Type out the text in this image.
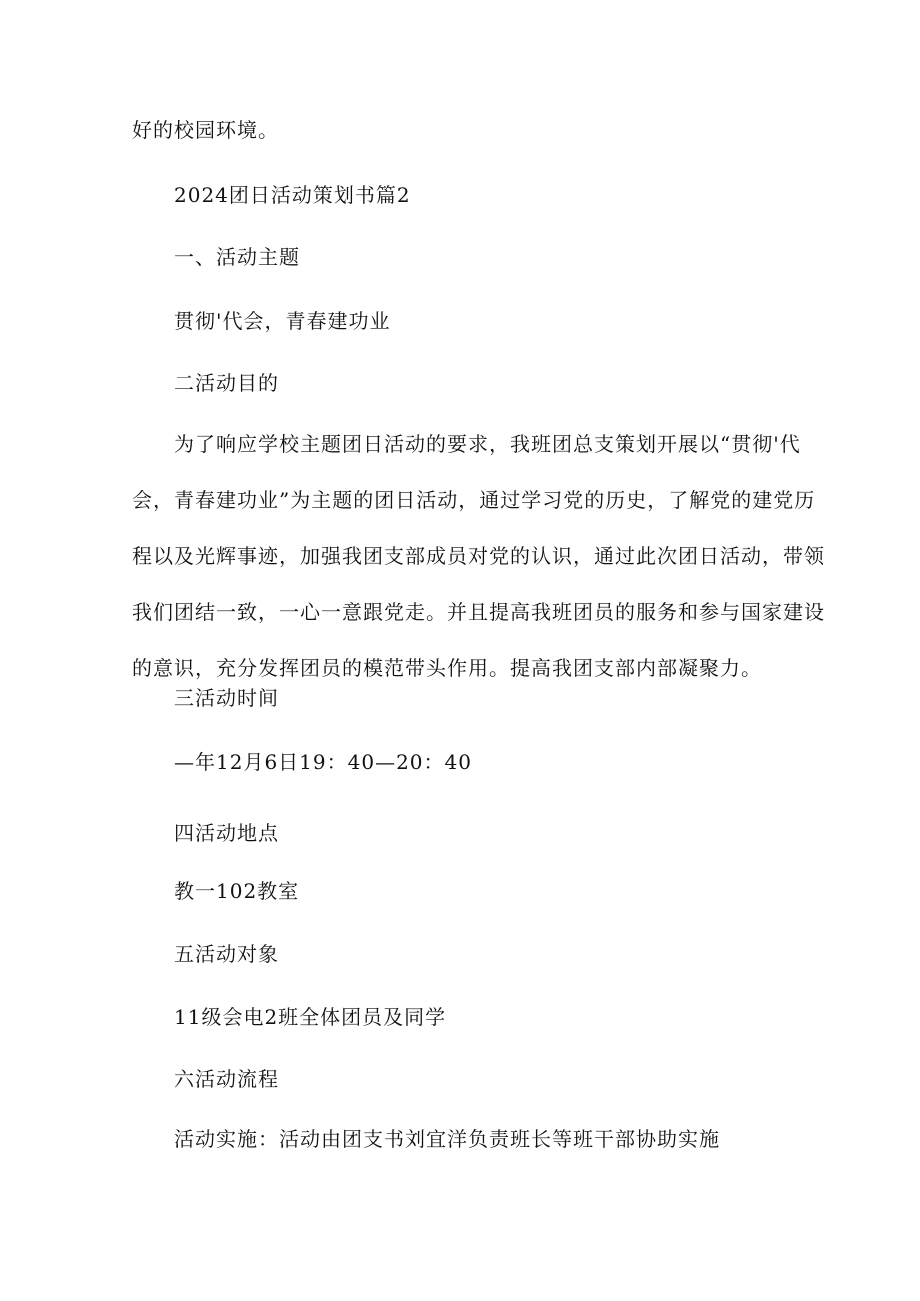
好的校园环境。
2024团日活动策划书篇2
一、活动主题
贯彻'代会，青春建功业
二活动目的
为了响应学校主题团日活动的要求，我班团总支策划开展以“贯彻'代
会，青春建功业”为主题的团日活动，通过学习党的历史，了解党的建党历
程以及光辉事迹，加强我团支部成员对党的认识，通过此次团日活动，带领
我们团结一致，一心一意跟党走。并且提高我班团员的服务和参与国家建设
的意识，充分发挥团员的模范带头作用。提高我团支部内部凝聚力。
三活动时间
—年12月6日19：40—20：40
四活动地点
教一102教室
五活动对象
11级会电2班全体团员及同学
六活动流程
活动实施：活动由团支书刘宜洋负责班长等班干部协助实施
